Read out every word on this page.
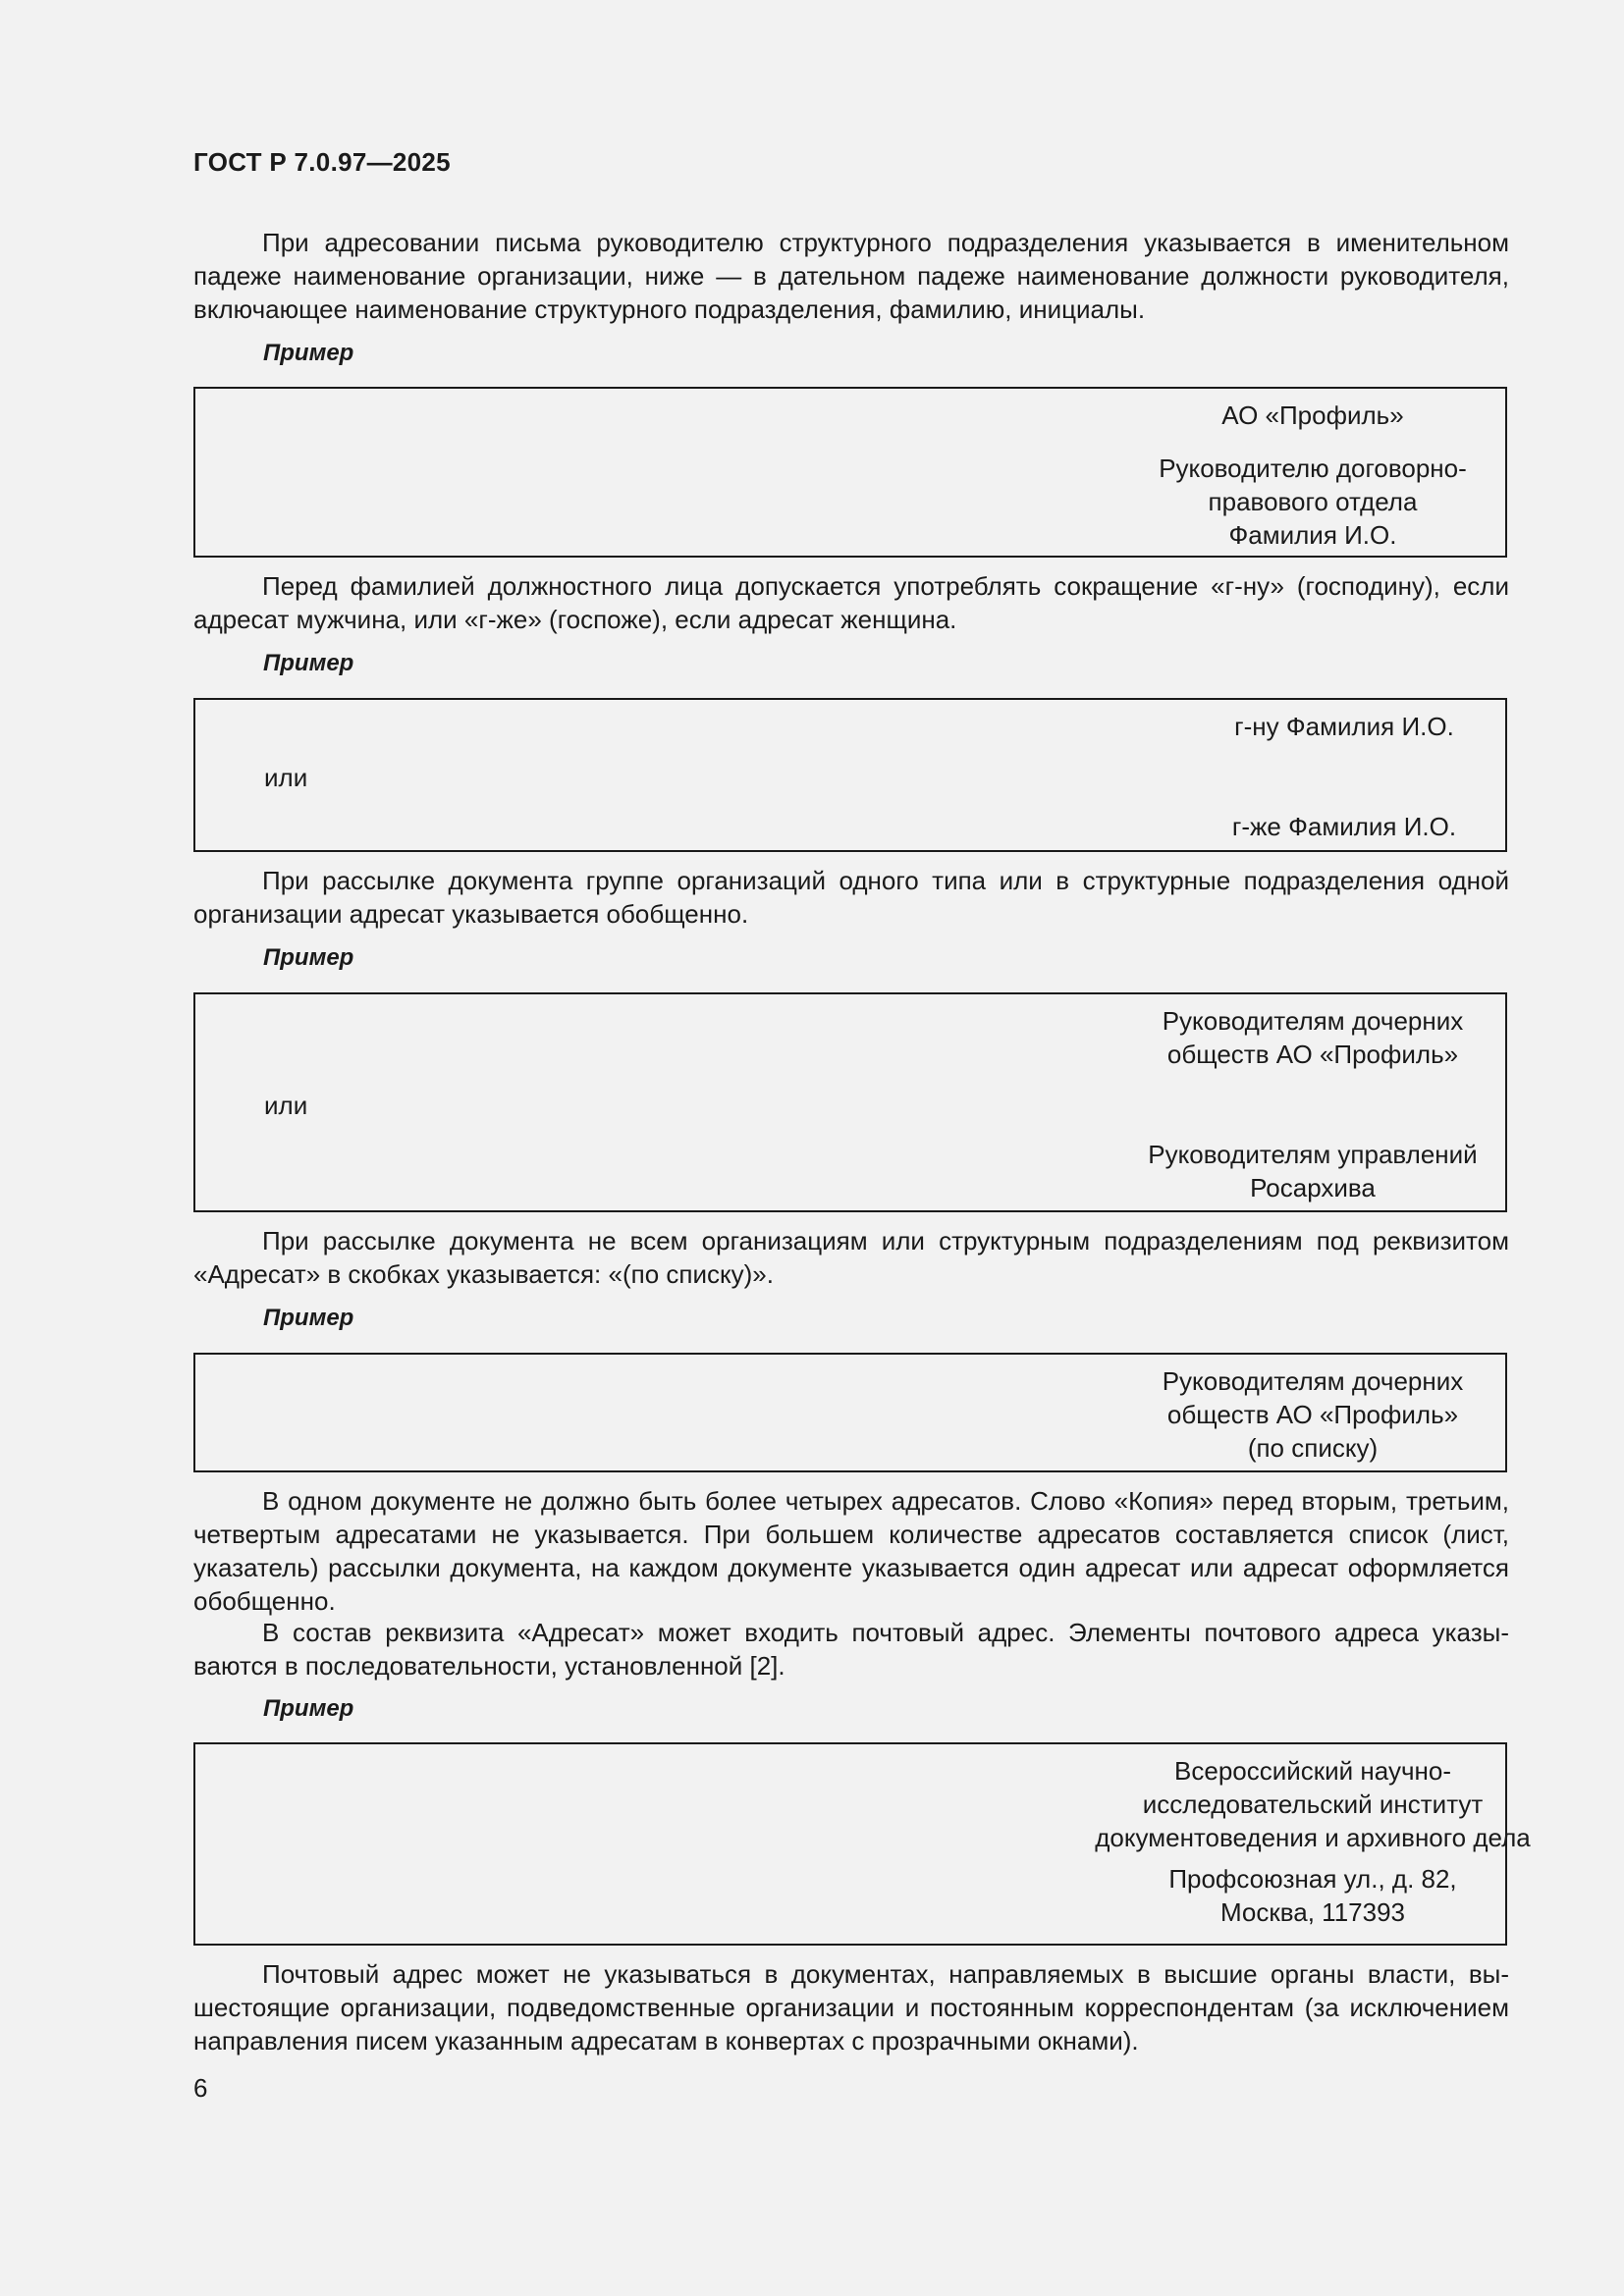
ГОСТ Р 7.0.97—2025

При адресовании письма руководителю структурного подразделения указывается в именительном падеже наименование организации, ниже — в дательном падеже наименование должности руководителя, включающее наименование структурного подразделения, фамилию, инициалы.

Пример
АО «Профиль»
Руководителю договорно-
правового отдела
Фамилия И.О.

Перед фамилией должностного лица допускается употреблять сокращение «г-ну» (господину), если адресат мужчина, или «г-же» (госпоже), если адресат женщина.

Пример
г-ну Фамилия И.О.
или
г-же Фамилия И.О.

При рассылке документа группе организаций одного типа или в структурные подразделения одной организации адресат указывается обобщенно.

Пример
Руководителям дочерних
обществ АО «Профиль»
или
Руководителям управлений
Росархива

При рассылке документа не всем организациям или структурным подразделениям под реквизитом «Адресат» в скобках указывается: «(по списку)».

Пример
Руководителям дочерних
обществ АО «Профиль»
(по списку)

В одном документе не должно быть более четырех адресатов. Слово «Копия» перед вторым, третьим, четвертым адресатами не указывается. При большем количестве адресатов составляется список (лист, указатель) рассылки документа, на каждом документе указывается один адресат или адресат оформляется обобщенно.

В состав реквизита «Адресат» может входить почтовый адрес. Элементы почтового адреса указываются в последовательности, установленной [2].

Пример
Всероссийский научно-
исследовательский институт
документоведения и архивного дела
Профсоюзная ул., д. 82,
Москва, 117393

Почтовый адрес может не указываться в документах, направляемых в высшие органы власти, вышестоящие организации, подведомственные организации и постоянным корреспондентам (за исключением направления писем указанным адресатам в конвертах с прозрачными окнами).

6
